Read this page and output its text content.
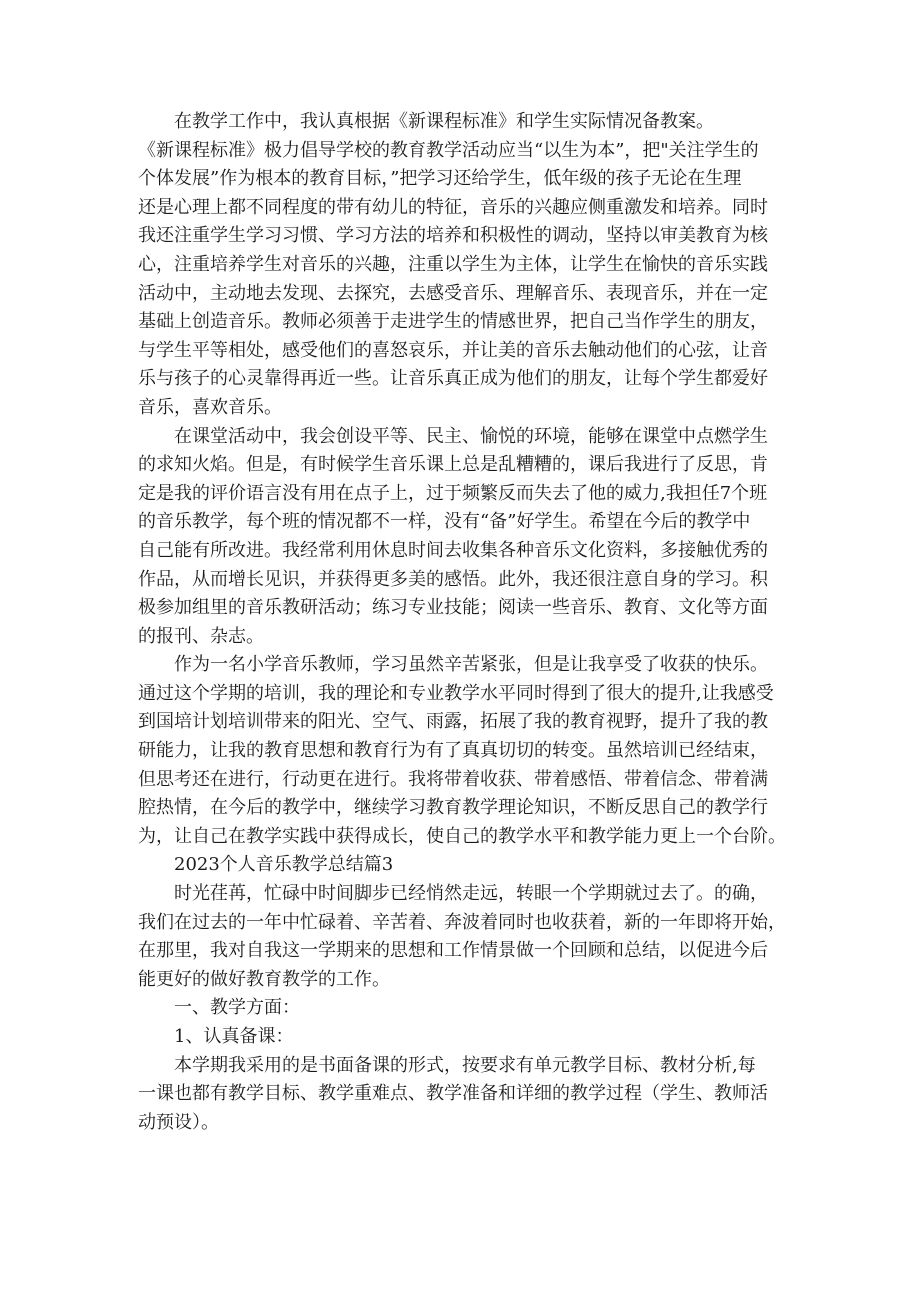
在教学工作中，我认真根据《新课程标准》和学生实际情况备教案。
《新课程标准》极力倡导学校的教育教学活动应当“以生为本”，把"关注学生的
个体发展”作为根本的教育目标，”把学习还给学生，低年级的孩子无论在生理
还是心理上都不同程度的带有幼儿的特征，音乐的兴趣应侧重激发和培养。同时
我还注重学生学习习惯、学习方法的培养和积极性的调动，坚持以审美教育为核
心，注重培养学生对音乐的兴趣，注重以学生为主体，让学生在愉快的音乐实践
活动中，主动地去发现、去探究，去感受音乐、理解音乐、表现音乐，并在一定
基础上创造音乐。教师必须善于走进学生的情感世界，把自己当作学生的朋友，
与学生平等相处，感受他们的喜怒哀乐，并让美的音乐去触动他们的心弦，让音
乐与孩子的心灵靠得再近一些。让音乐真正成为他们的朋友，让每个学生都爱好
音乐，喜欢音乐。

在课堂活动中，我会创设平等、民主、愉悦的环境，能够在课堂中点燃学生
的求知火焰。但是，有时候学生音乐课上总是乱糟糟的，课后我进行了反思，肯
定是我的评价语言没有用在点子上，过于频繁反而失去了他的威力,我担任7个班
的音乐教学，每个班的情况都不一样，没有“备”好学生。希望在今后的教学中
自己能有所改进。我经常利用休息时间去收集各种音乐文化资料，多接触优秀的
作品，从而增长见识，并获得更多美的感悟。此外，我还很注意自身的学习。积
极参加组里的音乐教研活动；练习专业技能；阅读一些音乐、教育、文化等方面
的报刊、杂志。

作为一名小学音乐教师，学习虽然辛苦紧张，但是让我享受了收获的快乐。
通过这个学期的培训，我的理论和专业教学水平同时得到了很大的提升,让我感受
到国培计划培训带来的阳光、空气、雨露，拓展了我的教育视野，提升了我的教
研能力，让我的教育思想和教育行为有了真真切切的转变。虽然培训已经结束，
但思考还在进行，行动更在进行。我将带着收获、带着感悟、带着信念、带着满
腔热情，在今后的教学中，继续学习教育教学理论知识，不断反思自己的教学行
为，让自己在教学实践中获得成长，使自己的教学水平和教学能力更上一个台阶。

2023个人音乐教学总结篇3

时光荏苒，忙碌中时间脚步已经悄然走远，转眼一个学期就过去了。的确，
我们在过去的一年中忙碌着、辛苦着、奔波着同时也收获着，新的一年即将开始，
在那里，我对自我这一学期来的思想和工作情景做一个回顾和总结，以促进今后
能更好的做好教育教学的工作。

一、教学方面：

1、认真备课：

本学期我采用的是书面备课的形式，按要求有单元教学目标、教材分析,每
一课也都有教学目标、教学重难点、教学准备和详细的教学过程（学生、教师活
动预设）。
